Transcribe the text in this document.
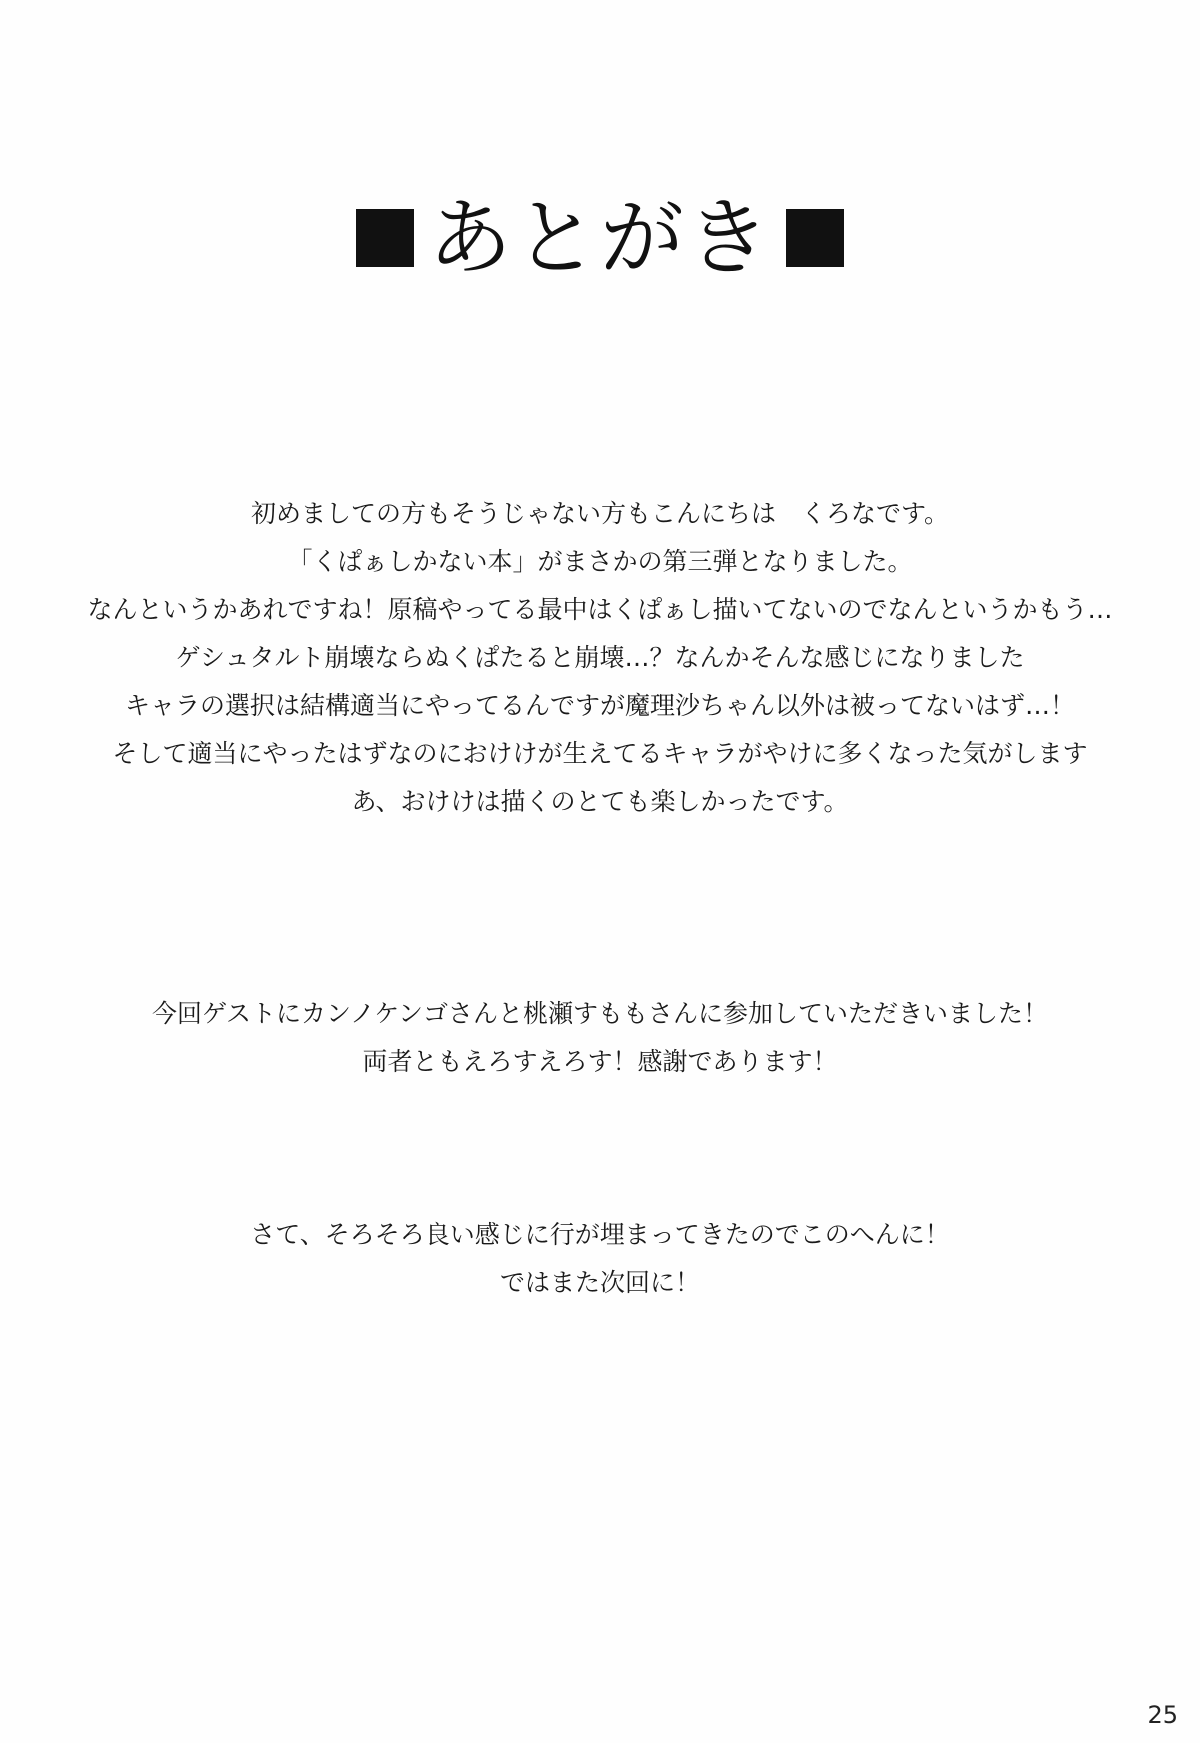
あとがき
初めましての方もそうじゃない方もこんにちは　くろなです。
「くぱぁしかない本」がまさかの第三弾となりました。
なんというかあれですね！原稿やってる最中はくぱぁし描いてないのでなんというかもう…
ゲシュタルト崩壊ならぬくぱたると崩壊…？なんかそんな感じになりました
キャラの選択は結構適当にやってるんですが魔理沙ちゃん以外は被ってないはず…！
そして適当にやったはずなのにおけけが生えてるキャラがやけに多くなった気がします
あ、おけけは描くのとても楽しかったです。
今回ゲストにカンノケンゴさんと桃瀬すももさんに参加していただきいました！
両者ともえろすえろす！感謝であります！
さて、そろそろ良い感じに行が埋まってきたのでこのへんに！
ではまた次回に！
25
